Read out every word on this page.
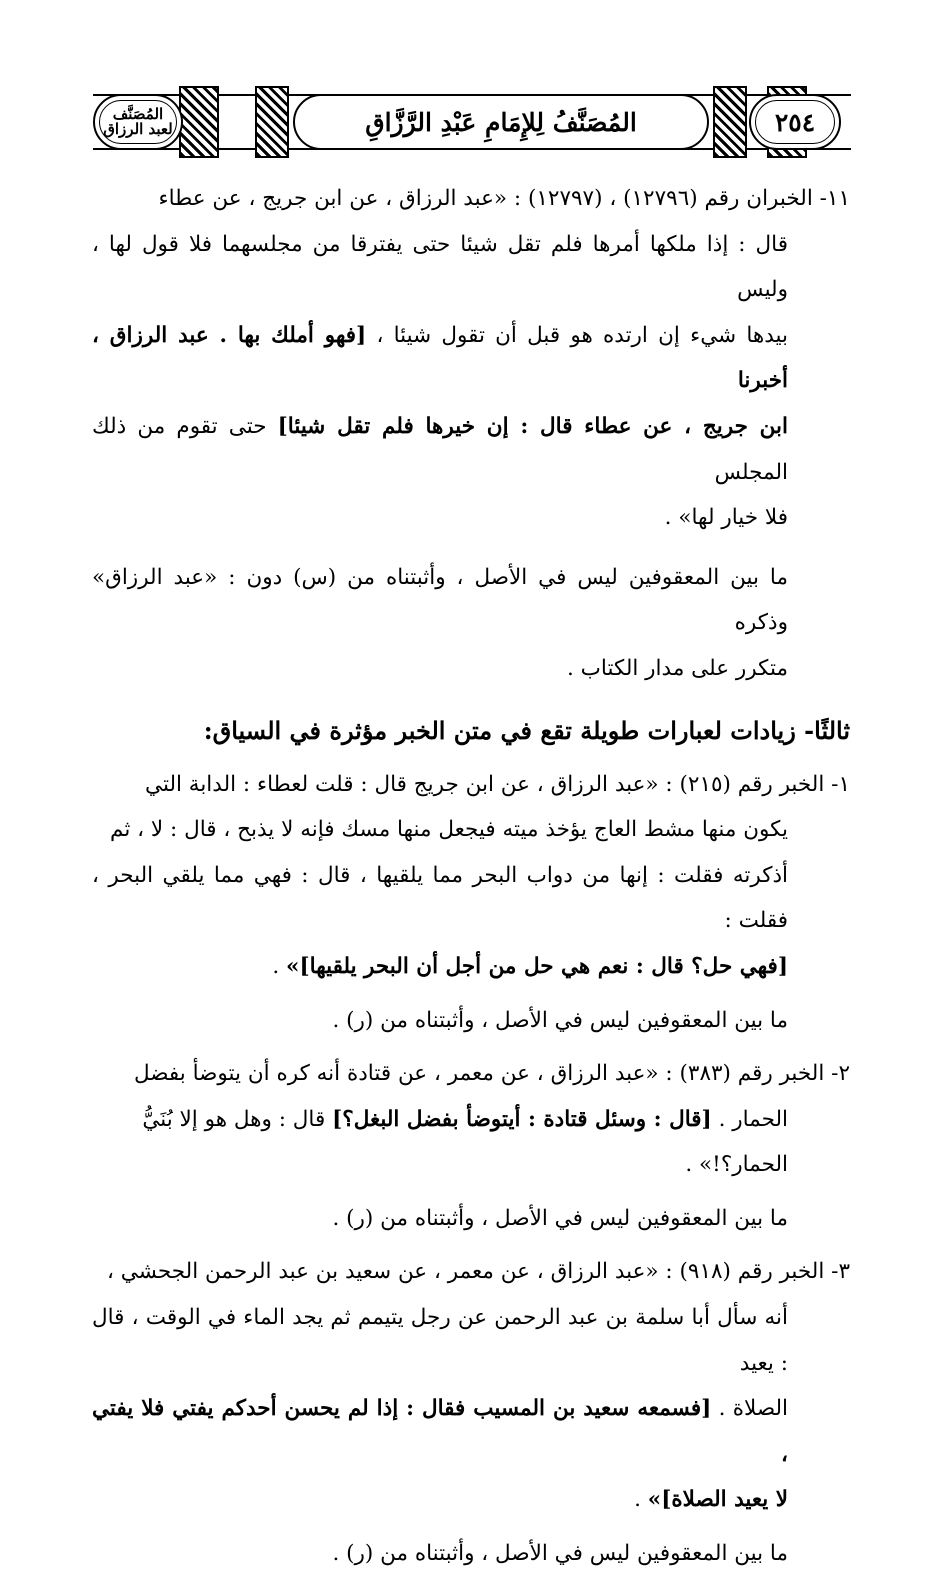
المُصَنَّف
لعبد الرزاق	المُصَنَّفُ لِلإِمَامِ عَبْدِ الرَّزَّاقِ	٢٥٤

١١- الخبران رقم (١٢٧٩٦) ، (١٢٧٩٧) : «عبد الرزاق ، عن ابن جريج ، عن عطاء

قال : إذا ملكها أمرها فلم تقل شيئا حتى يفترقا من مجلسهما فلا قول لها ، وليس

بيدها شيء إن ارتده هو قبل أن تقول شيئا ، [فهو أملك بها . عبد الرزاق ، أخبرنا

ابن جريج ، عن عطاء قال : إن خيرها فلم تقل شيئا] حتى تقوم من ذلك المجلس

فلا خيار لها» .

ما بين المعقوفين ليس في الأصل ، وأثبتناه من (س) دون : «عبد الرزاق» وذكره

متكرر على مدار الكتاب .

ثالثًا- زيادات لعبارات طويلة تقع في متن الخبر مؤثرة في السياق:

١- الخبر رقم (٢١٥) : «عبد الرزاق ، عن ابن جريج قال : قلت لعطاء : الدابة التي

يكون منها مشط العاج يؤخذ ميته فيجعل منها مسك فإنه لا يذبح ، قال : لا ، ثم

أذكرته فقلت : إنها من دواب البحر مما يلقيها ، قال : فهي مما يلقي البحر ، فقلت :

[فهي حل؟ قال : نعم هي حل من أجل أن البحر يلقيها]» .

ما بين المعقوفين ليس في الأصل ، وأثبتناه من (ر) .

٢- الخبر رقم (٣٨٣) : «عبد الرزاق ، عن معمر ، عن قتادة أنه كره أن يتوضأ بفضل

الحمار . [قال : وسئل قتادة : أيتوضأ بفضل البغل؟] قال : وهل هو إلا بُنَيُّ

الحمار؟!» .

ما بين المعقوفين ليس في الأصل ، وأثبتناه من (ر) .

٣- الخبر رقم (٩١٨) : «عبد الرزاق ، عن معمر ، عن سعيد بن عبد الرحمن الجحشي ،

أنه سأل أبا سلمة بن عبد الرحمن عن رجل يتيمم ثم يجد الماء في الوقت ، قال : يعيد

الصلاة . [فسمعه سعيد بن المسيب فقال : إذا لم يحسن أحدكم يفتي فلا يفتي ،

لا يعيد الصلاة]» .

ما بين المعقوفين ليس في الأصل ، وأثبتناه من (ر) .
